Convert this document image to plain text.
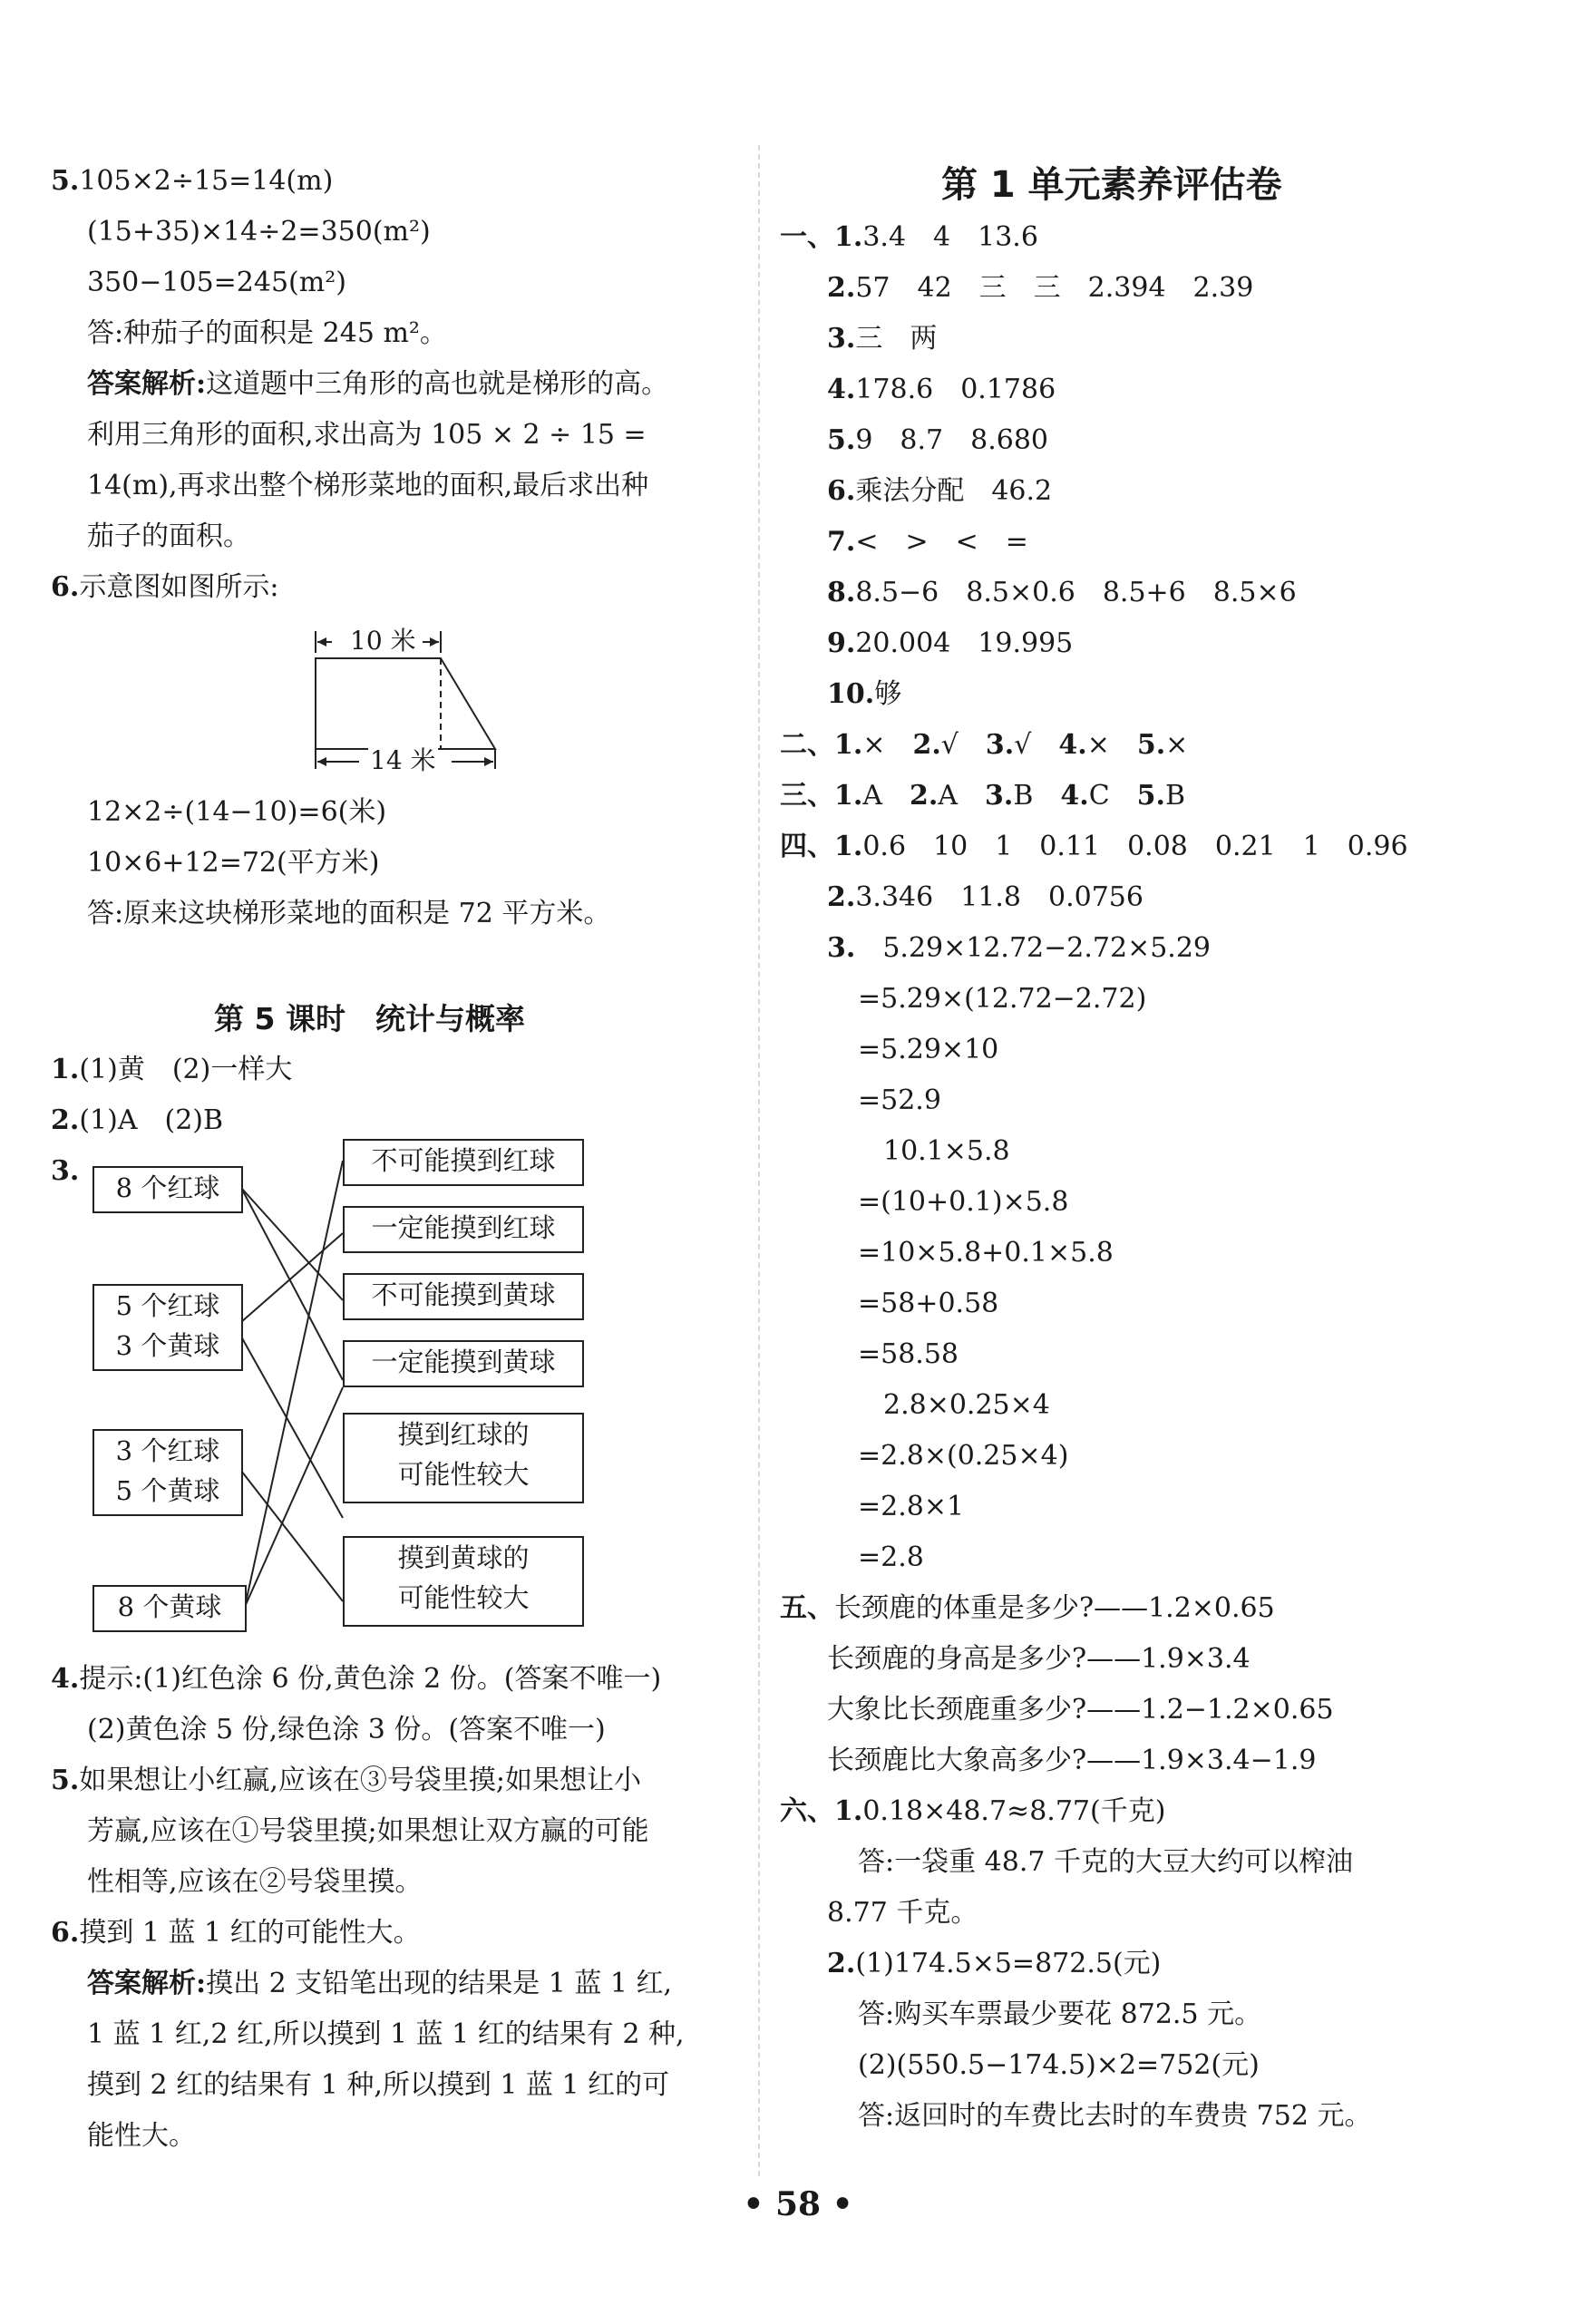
5.105×2÷15=14(m)
(15+35)×14÷2=350(m²)
350−105=245(m²)
答:种茄子的面积是 245 m²。
答案解析:这道题中三角形的高也就是梯形的高。
利用三角形的面积,求出高为 105 × 2 ÷ 15 =
14(m),再求出整个梯形菜地的面积,最后求出种
茄子的面积。
6.示意图如图所示:
10 米
14 米
12×2÷(14−10)=6(米)
10×6+12=72(平方米)
答:原来这块梯形菜地的面积是 72 平方米。
第 5 课时　统计与概率
1.(1)黄　(2)一样大
2.(1)A　(2)B
3.
8 个红球
5 个红球
3 个黄球
3 个红球
5 个黄球
8 个黄球
不可能摸到红球
一定能摸到红球
不可能摸到黄球
一定能摸到黄球
摸到红球的
可能性较大
摸到黄球的
可能性较大
4.提示:(1)红色涂 6 份,黄色涂 2 份。(答案不唯一)
(2)黄色涂 5 份,绿色涂 3 份。(答案不唯一)
5.如果想让小红赢,应该在③号袋里摸;如果想让小
芳赢,应该在①号袋里摸;如果想让双方赢的可能
性相等,应该在②号袋里摸。
6.摸到 1 蓝 1 红的可能性大。
答案解析:摸出 2 支铅笔出现的结果是 1 蓝 1 红,
1 蓝 1 红,2 红,所以摸到 1 蓝 1 红的结果有 2 种,
摸到 2 红的结果有 1 种,所以摸到 1 蓝 1 红的可
能性大。
第 1 单元素养评估卷
一、1.3.4　4　13.6
2.57　42　三　三　2.394　2.39
3.三　两
4.178.6　0.1786
5.9　8.7　8.680
6.乘法分配　46.2
7.<　>　<　=
8.8.5−6　8.5×0.6　8.5+6　8.5×6
9.20.004　19.995
10.够
二、1.×　 2.√　 3.√　 4.×　 5.×
三、1.A　 2.A　 3.B　 4.C　 5.B
四、1.0.6　10　1　0.11　0.08　0.21　1　0.96
2.3.346　11.8　0.0756
3.　 5.29×12.72−2.72×5.29
=5.29×(12.72−2.72)
=5.29×10
=52.9
10.1×5.8
=(10+0.1)×5.8
=10×5.8+0.1×5.8
=58+0.58
=58.58
2.8×0.25×4
=2.8×(0.25×4)
=2.8×1
=2.8
五、长颈鹿的体重是多少?——1.2×0.65
长颈鹿的身高是多少?——1.9×3.4
大象比长颈鹿重多少?——1.2−1.2×0.65
长颈鹿比大象高多少?——1.9×3.4−1.9
六、1.0.18×48.7≈8.77(千克)
答:一袋重 48.7 千克的大豆大约可以榨油
8.77 千克。
2.(1)174.5×5=872.5(元)
答:购买车票最少要花 872.5 元。
(2)(550.5−174.5)×2=752(元)
答:返回时的车费比去时的车费贵 752 元。
• 58 •
